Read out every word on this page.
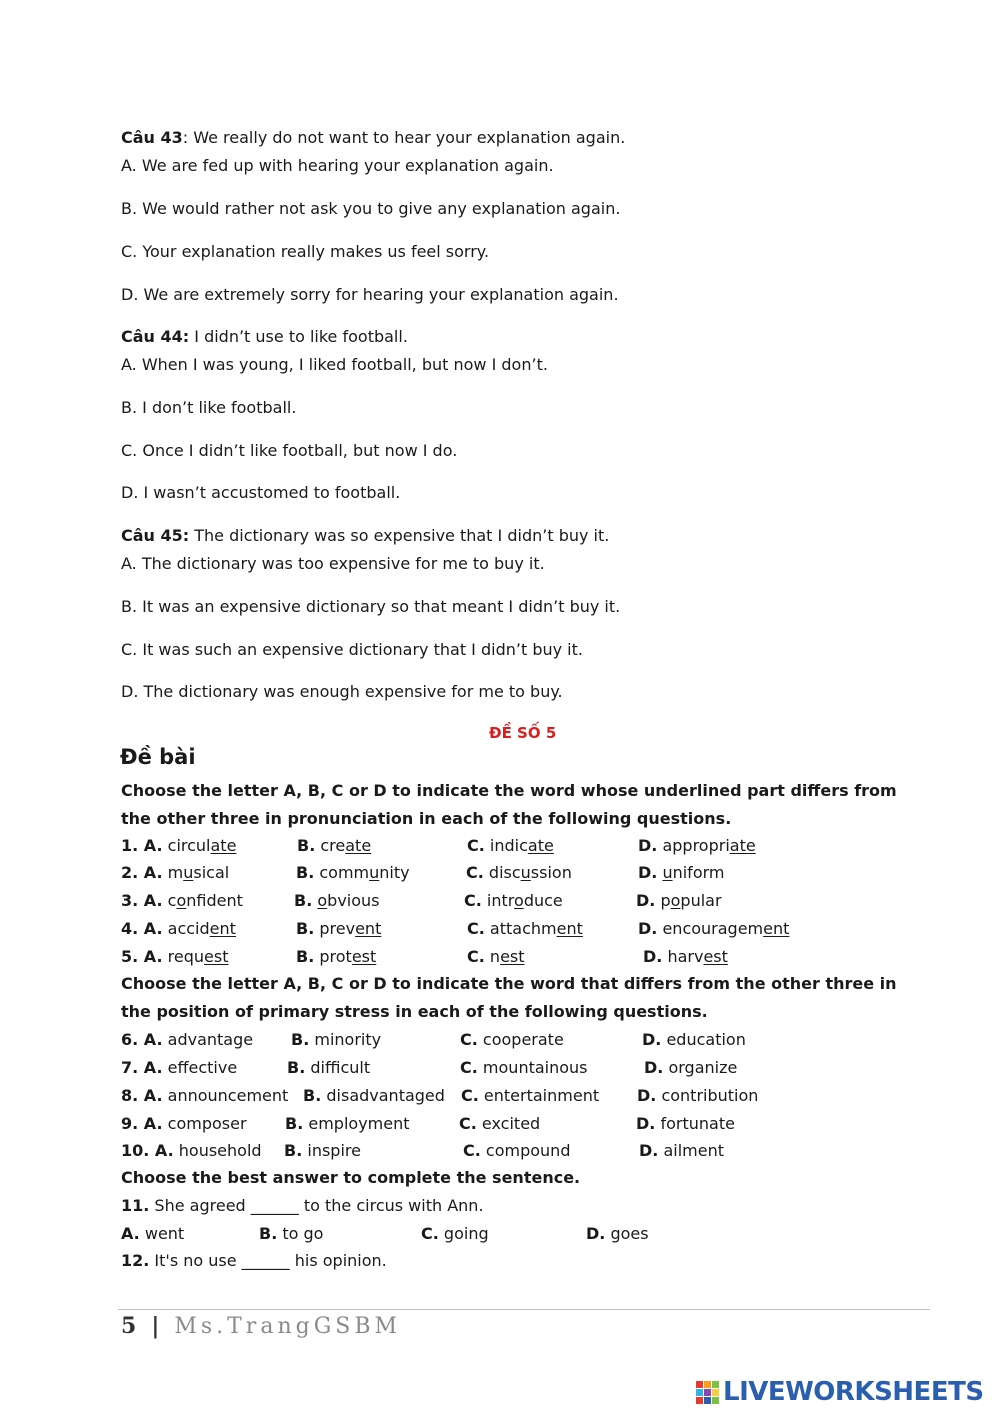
Câu 43: We really do not want to hear your explanation again.
A. We are fed up with hearing your explanation again.
B. We would rather not ask you to give any explanation again.
C. Your explanation really makes us feel sorry.
D. We are extremely sorry for hearing your explanation again.
Câu 44: I didn’t use to like football.
A. When I was young, I liked football, but now I don’t.
B. I don’t like football.
C. Once I didn’t like football, but now I do.
D. I wasn’t accustomed to football.
Câu 45: The dictionary was so expensive that I didn’t buy it.
A. The dictionary was too expensive for me to buy it.
B. It was an expensive dictionary so that meant I didn’t buy it.
C. It was such an expensive dictionary that I didn’t buy it.
D. The dictionary was enough expensive for me to buy.
ĐỀ SỐ 5
Đề bài
Choose the letter A, B, C or D to indicate the word whose underlined part differs from the other three in pronunciation in each of the following questions.
1. A. circulate	B. create	C. indicate	D. appropriate
2. A. musical	B. community	C. discussion	D. uniform
3. A. confident	B. obvious	C. introduce	D. popular
4. A. accident	B. prevent	C. attachment	D. encouragement
5. A. request	B. protest	C. nest	D. harvest
Choose the letter A, B, C or D to indicate the word that differs from the other three in the position of primary stress in each of the following questions.
6. A. advantage B. minority	C. cooperate	D. education
7. A. effective	B. difficult	C. mountainous	D. organize
8. A. announcement B. disadvantaged C. entertainment D. contribution
9. A. composer B. employment	C. excited	D. fortunate
10. A. household B. inspire	C. compound	D. ailment
Choose the best answer to complete the sentence.
11. She agreed ______ to the circus with Ann.
A. went	B. to go	C. going	D. goes
12. It's no use ______ his opinion.
5 | Ms.TrangGSBM
LIVEWORKSHEETS
